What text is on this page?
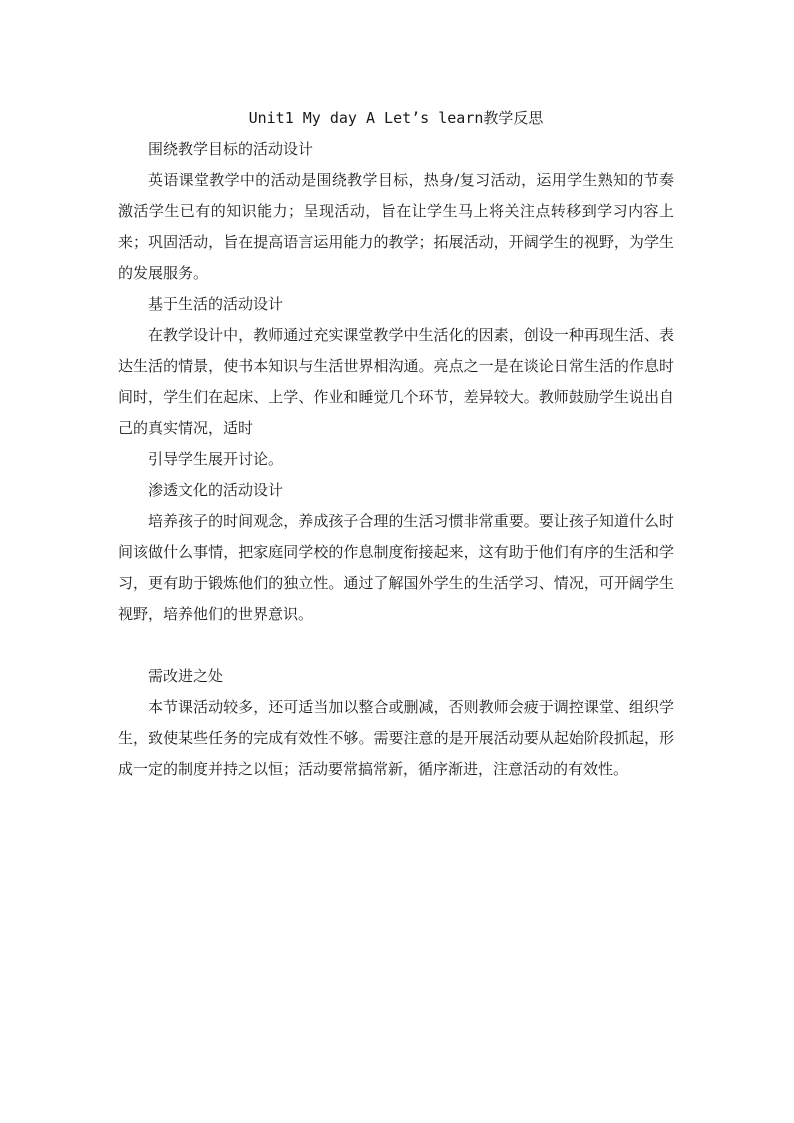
Unit1 My day A Let’s learn教学反思

围绕教学目标的活动设计

英语课堂教学中的活动是围绕教学目标，热身/复习活动，运用学生熟知的节奏激活学生已有的知识能力；呈现活动，旨在让学生马上将关注点转移到学习内容上来；巩固活动，旨在提高语言运用能力的教学；拓展活动，开阔学生的视野，为学生的发展服务。

基于生活的活动设计

在教学设计中，教师通过充实课堂教学中生活化的因素，创设一种再现生活、表达生活的情景，使书本知识与生活世界相沟通。亮点之一是在谈论日常生活的作息时间时，学生们在起床、上学、作业和睡觉几个环节，差异较大。教师鼓励学生说出自己的真实情况，适时

引导学生展开讨论。

渗透文化的活动设计

培养孩子的时间观念，养成孩子合理的生活习惯非常重要。要让孩子知道什么时间该做什么事情，把家庭同学校的作息制度衔接起来，这有助于他们有序的生活和学习，更有助于锻炼他们的独立性。通过了解国外学生的生活学习、情况，可开阔学生视野，培养他们的世界意识。

需改进之处

本节课活动较多，还可适当加以整合或删减，否则教师会疲于调控课堂、组织学生，致使某些任务的完成有效性不够。需要注意的是开展活动要从起始阶段抓起，形成一定的制度并持之以恒；活动要常搞常新，循序渐进，注意活动的有效性。
